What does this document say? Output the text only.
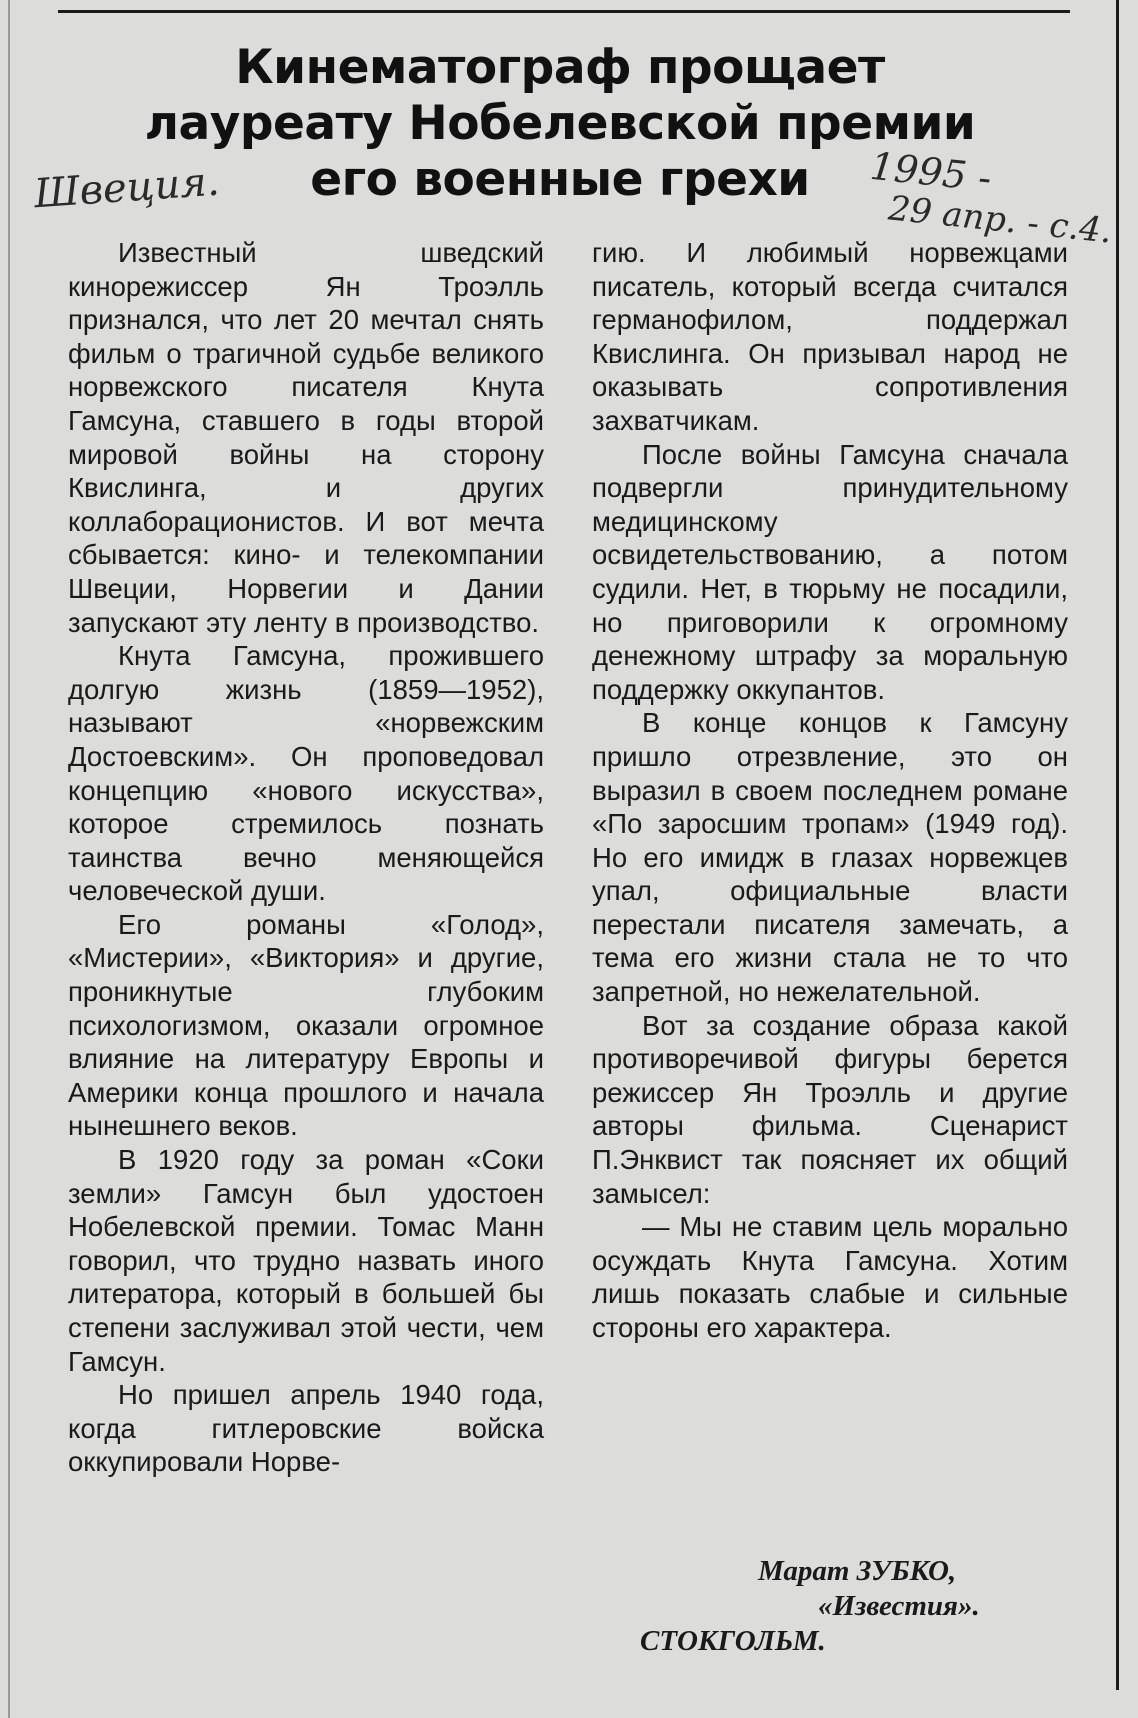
Кинематограф прощает
лауреату Нобелевской премии
его военные грехи
Швеция.	1995 -
29 апр. - с.4.

Известный шведский кинорежиссер Ян Троэлль признался, что лет 20 мечтал снять фильм о трагичной судьбе великого норвежского писателя Кнута Гамсуна, ставшего в годы второй мировой войны на сторону Квислинга, и других коллаборационистов. И вот мечта сбывается: кино- и телекомпании Швеции, Норвегии и Дании запускают эту ленту в производство.

Кнута Гамсуна, прожившего долгую жизнь (1859—1952), называют «норвежским Достоевским». Он проповедовал концепцию «нового искусства», которое стремилось познать таинства вечно меняющейся человеческой души.

Его романы «Голод», «Мистерии», «Виктория» и другие, проникнутые глубоким психологизмом, оказали огромное влияние на литературу Европы и Америки конца прошлого и начала нынешнего веков.

В 1920 году за роман «Соки земли» Гамсун был удостоен Нобелевской премии. Томас Манн говорил, что трудно назвать иного литератора, который в большей бы степени заслуживал этой чести, чем Гамсун.

Но пришел апрель 1940 года, когда гитлеровские войска оккупировали Норве-

гию. И любимый норвежцами писатель, который всегда считался германофилом, поддержал Квислинга. Он призывал народ не оказывать сопротивления захватчикам.

После войны Гамсуна сначала подвергли принудительному медицинскому освидетельствованию, а потом судили. Нет, в тюрьму не посадили, но приговорили к огромному денежному штрафу за моральную поддержку оккупантов.

В конце концов к Гамсуну пришло отрезвление, это он выразил в своем последнем романе «По заросшим тропам» (1949 год). Но его имидж в глазах норвежцев упал, официальные власти перестали писателя замечать, а тема его жизни стала не то что запретной, но нежелательной.

Вот за создание образа какой противоречивой фигуры берется режиссер Ян Троэлль и другие авторы фильма. Сценарист П.Энквист так поясняет их общий замысел:

— Мы не ставим цель морально осуждать Кнута Гамсуна. Хотим лишь показать слабые и сильные стороны его характера.

Марат ЗУБКО,
«Известия».
СТОКГОЛЬМ.
